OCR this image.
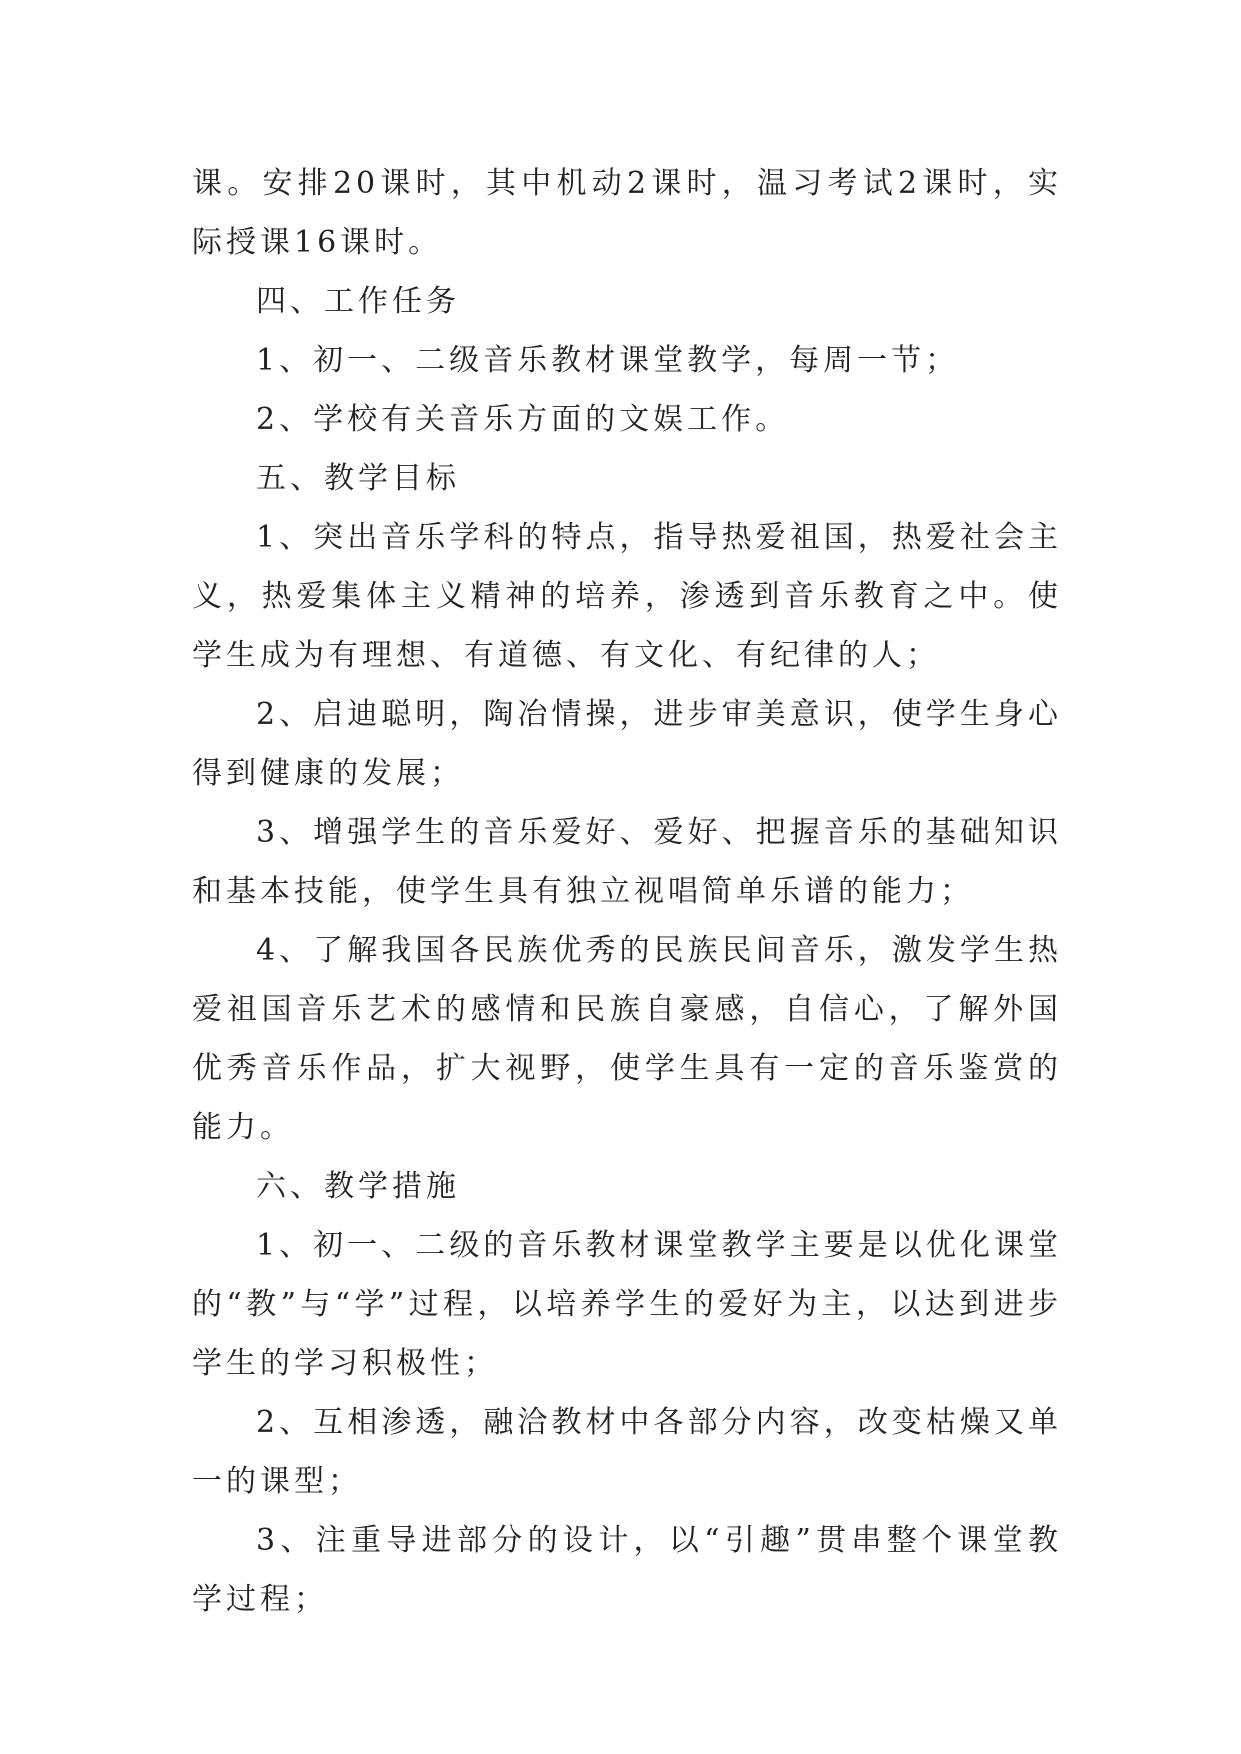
课。安排20课时，其中机动2课时，温习考试2课时，实际授课16课时。

四、工作任务

1、初一、二级音乐教材课堂教学，每周一节；

2、学校有关音乐方面的文娱工作。

五、教学目标

1、突出音乐学科的特点，指导热爱祖国，热爱社会主义，热爱集体主义精神的培养，渗透到音乐教育之中。使学生成为有理想、有道德、有文化、有纪律的人；

2、启迪聪明，陶冶情操，进步审美意识，使学生身心得到健康的发展；

3、增强学生的音乐爱好、爱好、把握音乐的基础知识和基本技能，使学生具有独立视唱简单乐谱的能力；

4、了解我国各民族优秀的民族民间音乐，激发学生热爱祖国音乐艺术的感情和民族自豪感，自信心，了解外国优秀音乐作品，扩大视野，使学生具有一定的音乐鉴赏的能力。

六、教学措施

1、初一、二级的音乐教材课堂教学主要是以优化课堂的“教”与“学”过程，以培养学生的爱好为主，以达到进步学生的学习积极性；

2、互相渗透，融洽教材中各部分内容，改变枯燥又单一的课型；

3、注重导进部分的设计，以“引趣”贯串整个课堂教学过程；
